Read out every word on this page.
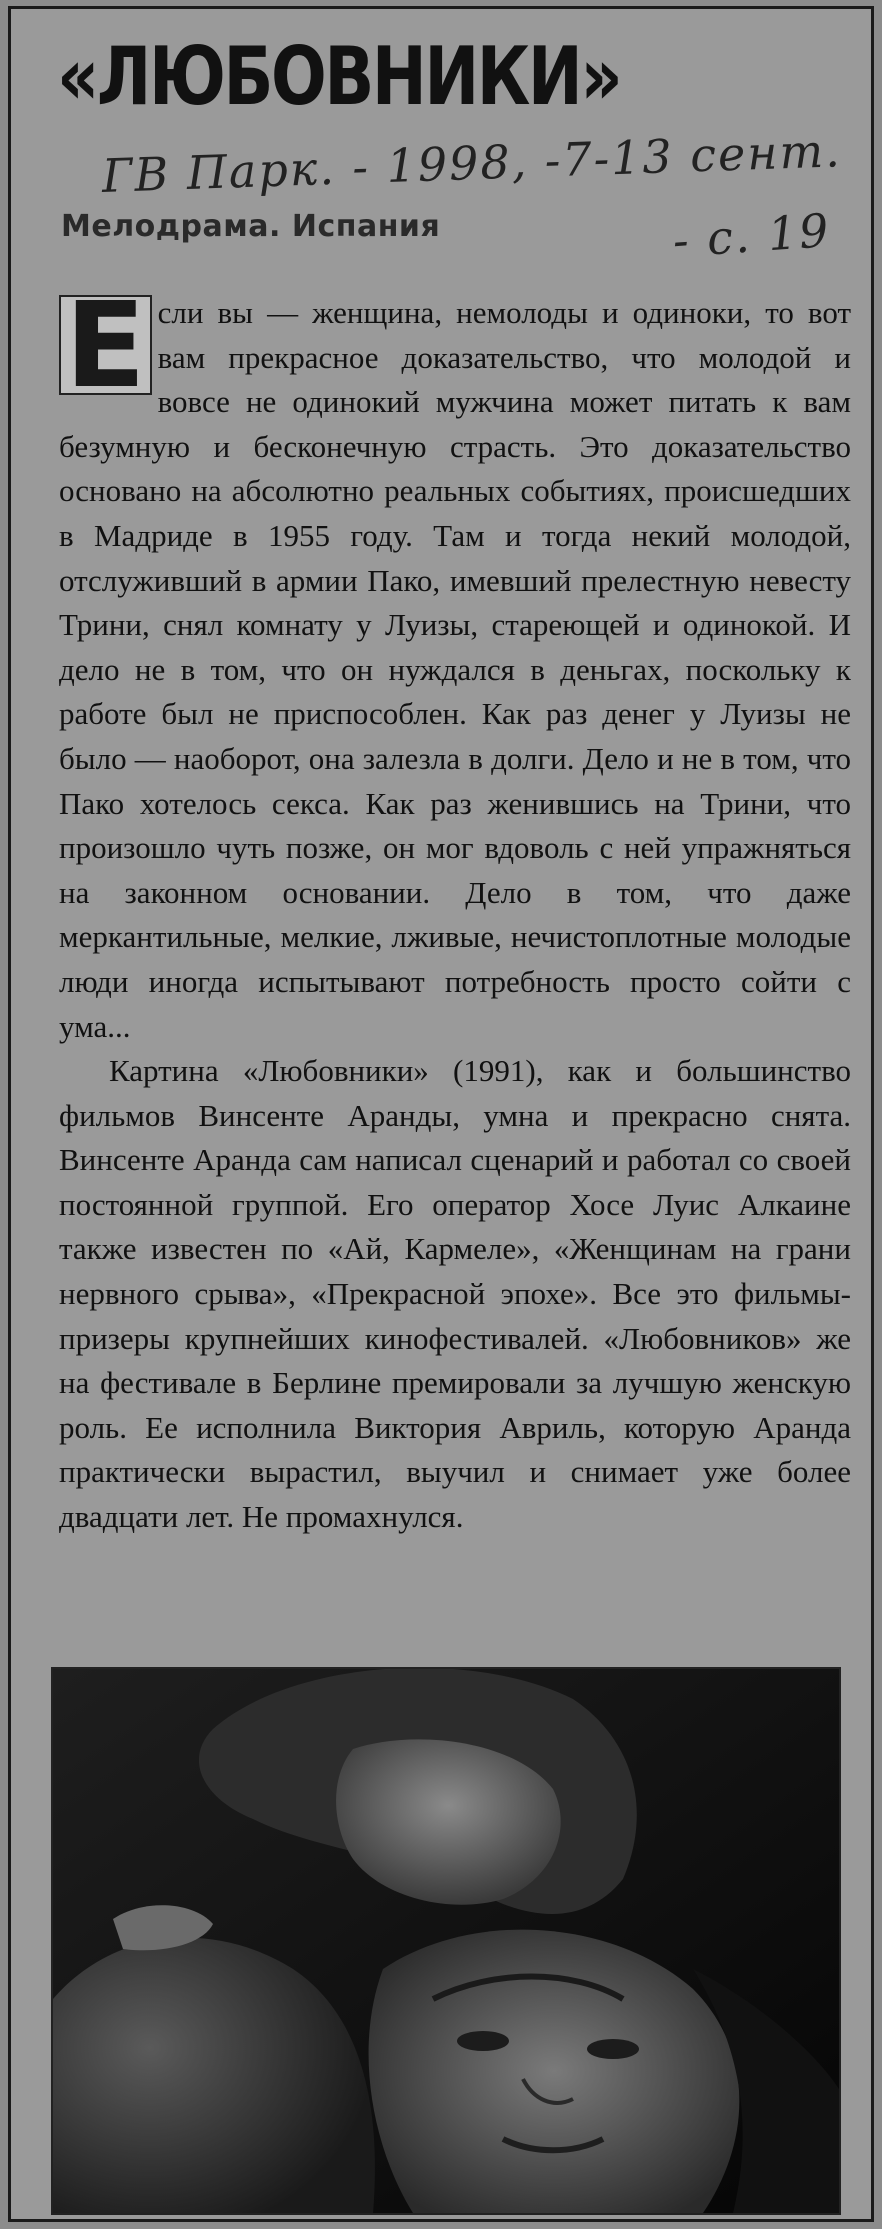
«ЛЮБОВНИКИ»
ГВ Парк. - 1998, -7-13 сент.
Мелодрама. Испания	- с. 19

Е сли вы — женщина, немолоды и одиноки, то вот вам прекрасное доказательство, что молодой и вовсе не одинокий мужчина может питать к вам безумную и бесконечную страсть. Это доказательство основано на абсолютно реальных событиях, происшедших в Мадриде в 1955 году. Там и тогда некий молодой, отслуживший в армии Пако, имевший прелестную невесту Трини, снял комнату у Луизы, стареющей и одинокой. И дело не в том, что он нуждался в деньгах, поскольку к работе был не приспособлен. Как раз денег у Луизы не было — наоборот, она залезла в долги. Дело и не в том, что Пако хотелось секса. Как раз женившись на Трини, что произошло чуть позже, он мог вдоволь с ней упражняться на законном основании. Дело в том, что даже меркантильные, мелкие, лживые, нечистоплотные молодые люди иногда испытывают потребность просто сойти с ума...

Картина «Любовники» (1991), как и большинство фильмов Винсенте Аранды, умна и прекрасно снята. Винсенте Аранда сам написал сценарий и работал со своей постоянной группой. Его оператор Хосе Луис Алкаине также известен по «Ай, Кармеле», «Женщинам на грани нервного срыва», «Прекрасной эпохе». Все это фильмы-призеры крупнейших кинофестивалей. «Любовников» же на фестивале в Берлине премировали за лучшую женскую роль. Ее исполнила Виктория Авриль, которую Аранда практически вырастил, выучил и снимает уже более двадцати лет. Не промахнулся.
